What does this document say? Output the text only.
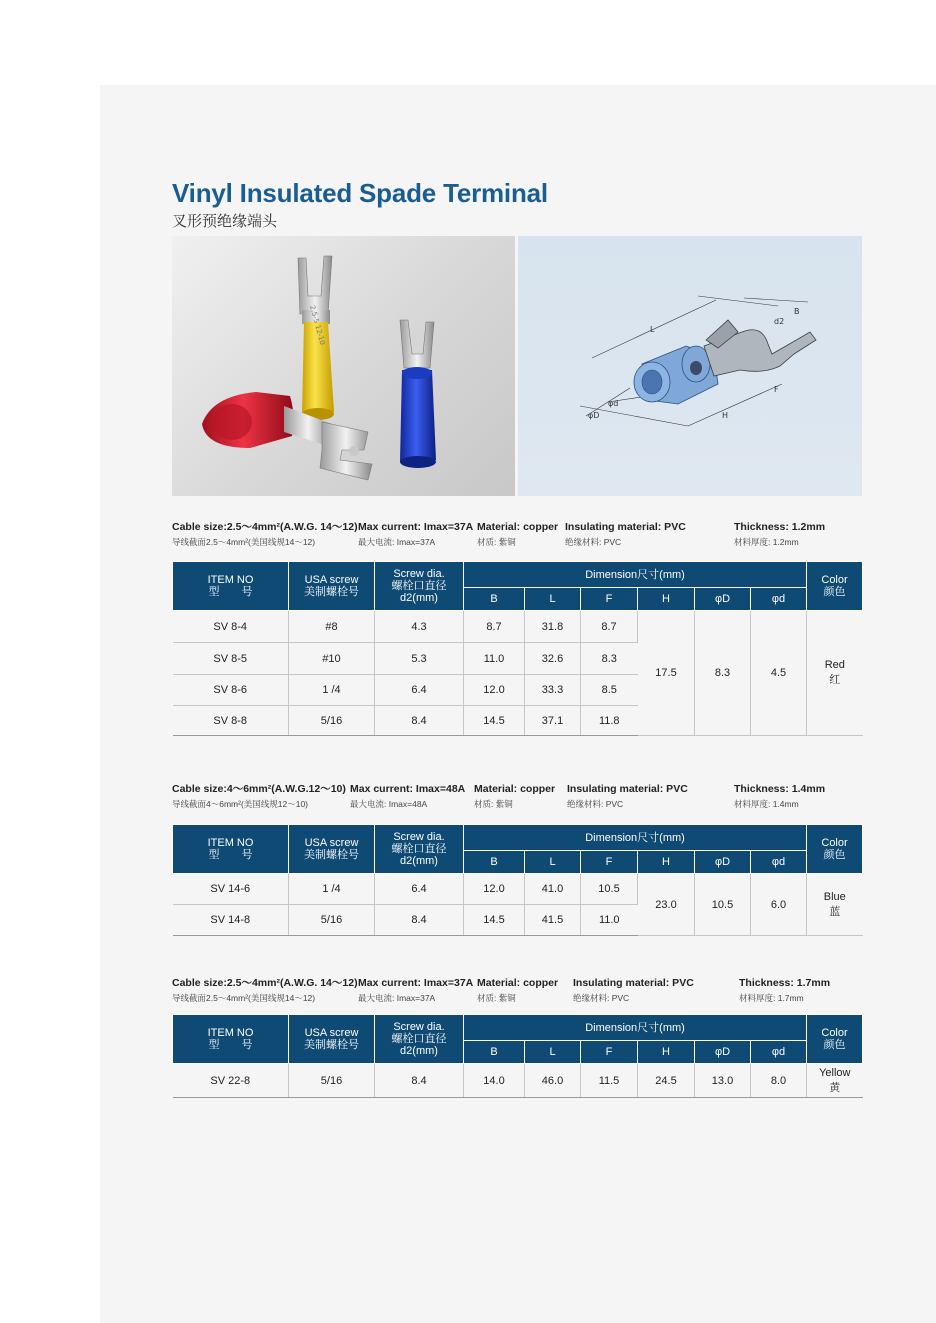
Vinyl Insulated Spade Terminal
叉形预绝缘端头
2.5-5 12-10	L
B
d2
F
H
φd
φD
Cable size:2.5～4mm²(A.W.G. 14～12)
导线截面2.5～4mm²(美国线规14～12)
Max current: Imax=37A
最大电流: Imax=37A
Material: copper
材质: 紫铜
Insulating material: PVC
绝缘材料: PVC
Thickness: 1.2mm
材料厚度: 1.2mm
ITEM NO
型　　号	USA screw
美制螺栓号	Screw dia.
螺栓口直径
d2(mm)	Dimension尺寸(mm)						Color
颜色
			B	L	F	H	φD	φd	
SV 8-4	#8	4.3	8.7	31.8	8.7	17.5	8.3	4.5	Red
红
SV 8-5	#10	5.3	11.0	32.6	8.3				
SV 8-6	1 /4	6.4	12.0	33.3	8.5				
SV 8-8	5/16	8.4	14.5	37.1	11.8				
Cable size:4～6mm²(A.W.G.12～10)
导线截面4～6mm²(美国线规12～10)
Max current: Imax=48A
最大电流: Imax=48A
Material: copper
材质: 紫铜
Insulating material: PVC
绝缘材料: PVC
Thickness: 1.4mm
材料厚度: 1.4mm
ITEM NO
型　　号	USA screw
美制螺栓号	Screw dia.
螺栓口直径
d2(mm)	Dimension尺寸(mm)						Color
颜色
			B	L	F	H	φD	φd	
SV 14-6	1 /4	6.4	12.0	41.0	10.5	23.0	10.5	6.0	Blue
蓝
SV 14-8	5/16	8.4	14.5	41.5	11.0				
Cable size:2.5～4mm²(A.W.G. 14～12)
导线截面2.5～4mm²(美国线规14～12)
Max current: Imax=37A
最大电流: Imax=37A
Material: copper
材质: 紫铜
Insulating material: PVC
绝缘材料: PVC
Thickness: 1.7mm
材料厚度: 1.7mm
ITEM NO
型　　号	USA screw
美制螺栓号	Screw dia.
螺栓口直径
d2(mm)	Dimension尺寸(mm)						Color
颜色
			B	L	F	H	φD	φd	
SV 22-8	5/16	8.4	14.0	46.0	11.5	24.5	13.0	8.0	Yellow
黄
